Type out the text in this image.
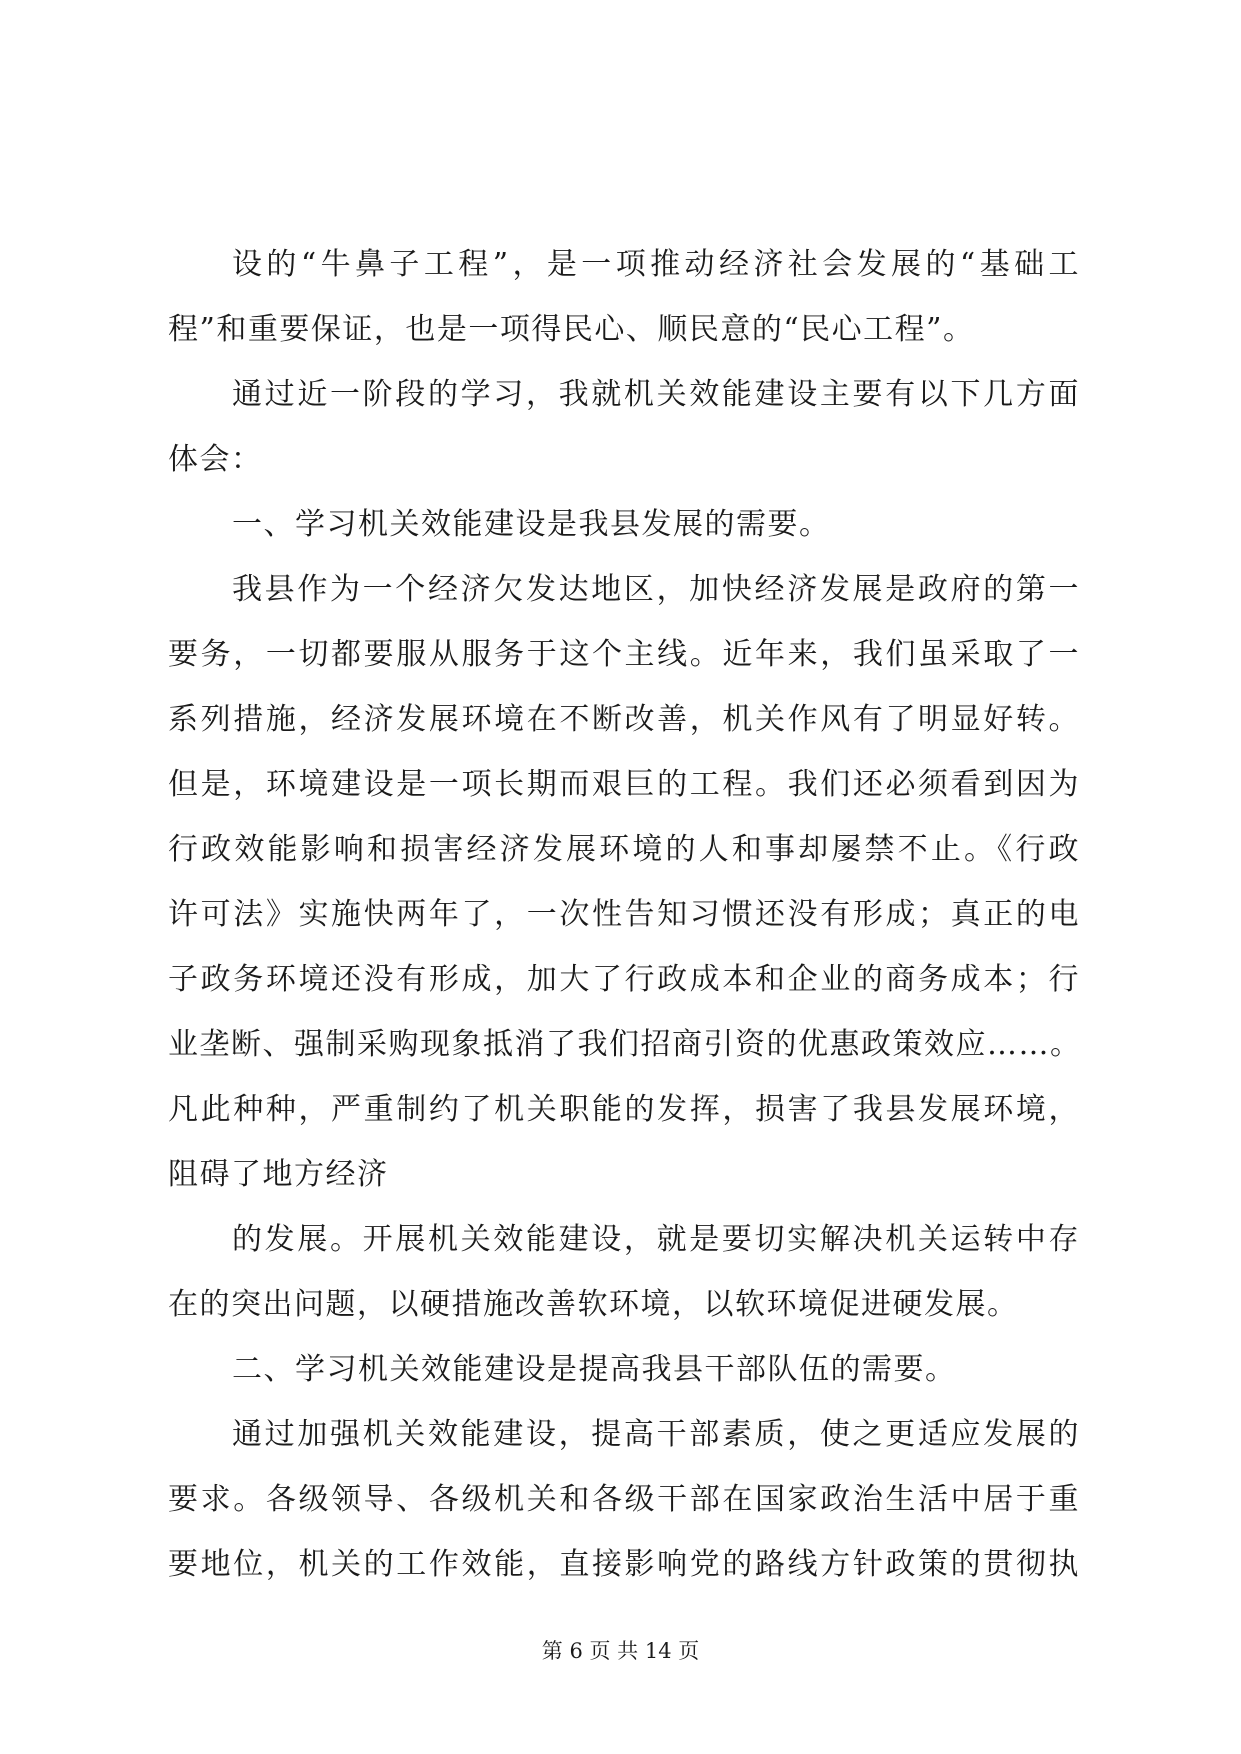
设的“牛鼻子工程”，是一项推动经济社会发展的“基础工
程”和重要保证，也是一项得民心、顺民意的“民心工程”。
通过近一阶段的学习，我就机关效能建设主要有以下几方面
体会：
一、学习机关效能建设是我县发展的需要。
我县作为一个经济欠发达地区，加快经济发展是政府的第一
要务，一切都要服从服务于这个主线。近年来，我们虽采取了一
系列措施，经济发展环境在不断改善，机关作风有了明显好转。
但是，环境建设是一项长期而艰巨的工程。我们还必须看到因为
行政效能影响和损害经济发展环境的人和事却屡禁不止。《行政
许可法》实施快两年了，一次性告知习惯还没有形成；真正的电
子政务环境还没有形成，加大了行政成本和企业的商务成本；行
业垄断、强制采购现象抵消了我们招商引资的优惠政策效应……。
凡此种种，严重制约了机关职能的发挥，损害了我县发展环境，
阻碍了地方经济
的发展。开展机关效能建设，就是要切实解决机关运转中存
在的突出问题，以硬措施改善软环境，以软环境促进硬发展。
二、学习机关效能建设是提高我县干部队伍的需要。
通过加强机关效能建设，提高干部素质，使之更适应发展的
要求。各级领导、各级机关和各级干部在国家政治生活中居于重
要地位，机关的工作效能，直接影响党的路线方针政策的贯彻执
第 6 页 共 14 页
